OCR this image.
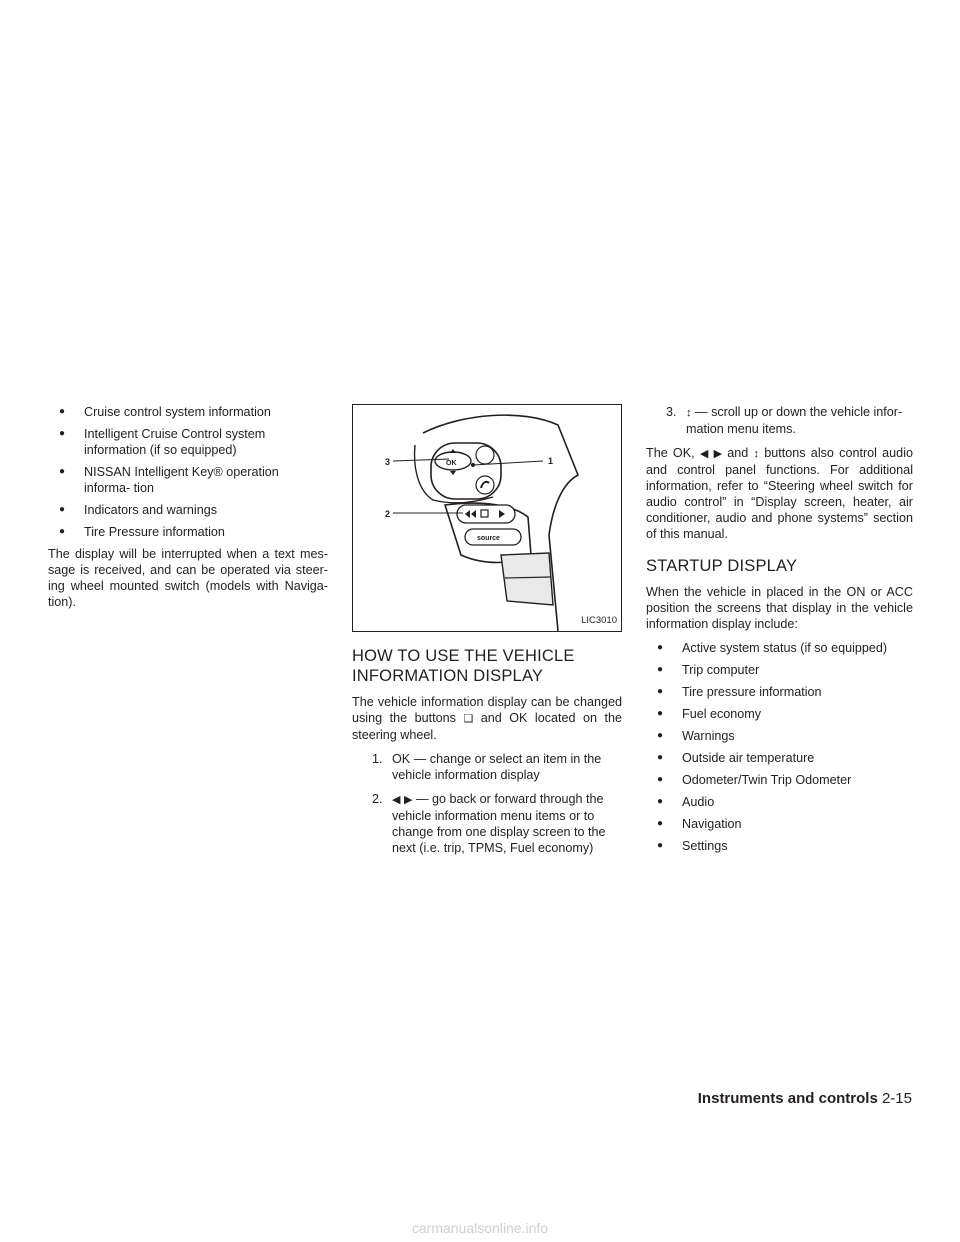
● Cruise control system information
● Intelligent Cruise Control system information (if so equipped)
● NISSAN Intelligent Key® operation informa- tion
● Indicators and warnings
● Tire Pressure information

The display will be interrupted when a text mes- sage is received, and can be operated via steer- ing wheel mounted switch (models with Naviga- tion).

3	1
2
OK
source
LIC3010
HOW TO USE THE VEHICLE
INFORMATION DISPLAY

The vehicle information display can be changed using the buttons ❏ and OK located on the steering wheel.

1. OK — change or select an item in the vehicle information display
2. ◀ ▶ — go back or forward through the vehicle information menu items or to change from one display screen to the next (i.e. trip, TPMS, Fuel economy)
3. ↕ — scroll up or down the vehicle infor- mation menu items.

The OK, ◀ ▶ and ↕ buttons also control audio and control panel functions. For additional information, refer to “Steering wheel switch for audio control” in “Display screen, heater, air conditioner, audio and phone systems” section of this manual.

STARTUP DISPLAY

When the vehicle in placed in the ON or ACC position the screens that display in the vehicle information display include:

● Active system status (if so equipped)
● Trip computer
● Tire pressure information
● Fuel economy
● Warnings
● Outside air temperature
● Odometer/Twin Trip Odometer
● Audio
● Navigation
● Settings
Instruments and controls 2-15
carmanualsonline.info
